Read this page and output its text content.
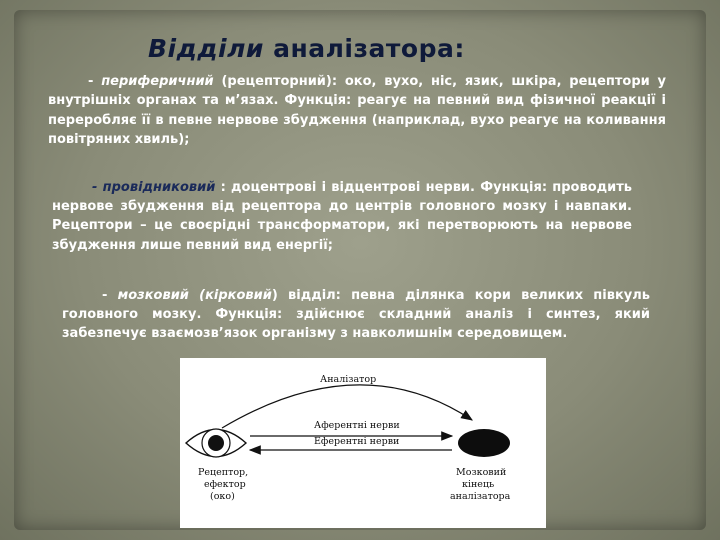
Відділи аналізатора:

- периферичний (рецепторний): око, вухо, ніс, язик, шкіра, рецептори у внутрішніх органах та м’язах. Функція: реагує на певний вид фізичної реакції і переробляє її в певне нервове збудження (наприклад, вухо реагує на коливання повітряних хвиль);

- провідниковий : доцентрові і відцентрові нерви. Функція: проводить нервове збудження від рецептора до центрів головного мозку і навпаки. Рецептори – це своєрідні трансформатори, які перетворюють на нервове збудження лише певний вид енергії;

- мозковий (кірковий) відділ: певна ділянка кори великих півкуль головного мозку. Функція: здійснює складний аналіз і синтез, який забезпечує взаємозв’язок організму з навколишнім середовищем.

Аналізатор
Аферентні нерви
Еферентні нерви
Рецептор,
ефектор
(око)
Мозковий
кінець
аналізатора
